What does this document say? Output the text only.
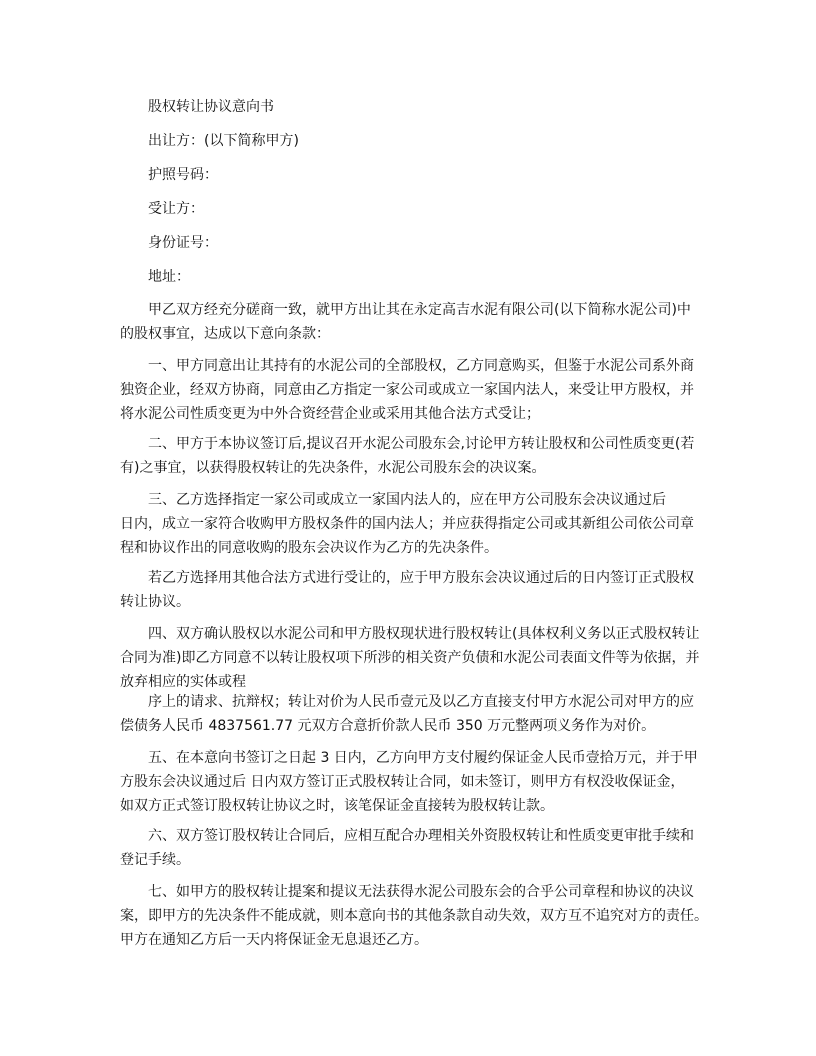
股权转让协议意向书
出让方：(以下简称甲方)
护照号码：
受让方：
身份证号：
地址：
甲乙双方经充分磋商一致，就甲方出让其在永定高吉水泥有限公司(以下简称水泥公司)中
的股权事宜，达成以下意向条款：
一、甲方同意出让其持有的水泥公司的全部股权，乙方同意购买，但鉴于水泥公司系外商
独资企业，经双方协商，同意由乙方指定一家公司或成立一家国内法人，来受让甲方股权，并
将水泥公司性质变更为中外合资经营企业或采用其他合法方式受让；
二、甲方于本协议签订后,提议召开水泥公司股东会,讨论甲方转让股权和公司性质变更(若
有)之事宜，以获得股权转让的先决条件，水泥公司股东会的决议案。
三、乙方选择指定一家公司或成立一家国内法人的，应在甲方公司股东会决议通过后
日内，成立一家符合收购甲方股权条件的国内法人；并应获得指定公司或其新组公司依公司章
程和协议作出的同意收购的股东会决议作为乙方的先决条件。
若乙方选择用其他合法方式进行受让的，应于甲方股东会决议通过后的日内签订正式股权
转让协议。
四、双方确认股权以水泥公司和甲方股权现状进行股权转让(具体权利义务以正式股权转让
合同为准)即乙方同意不以转让股权项下所涉的相关资产负债和水泥公司表面文件等为依据，并
放弃相应的实体或程
序上的请求、抗辩权；转让对价为人民币壹元及以乙方直接支付甲方水泥公司对甲方的应
偿债务人民币 4837561.77 元双方合意折价款人民币 350 万元整两项义务作为对价。
五、在本意向书签订之日起 3 日内，乙方向甲方支付履约保证金人民币壹拾万元，并于甲
方股东会决议通过后 日内双方签订正式股权转让合同，如未签订，则甲方有权没收保证金，
如双方正式签订股权转让协议之时，该笔保证金直接转为股权转让款。
六、双方签订股权转让合同后，应相互配合办理相关外资股权转让和性质变更审批手续和
登记手续。
七、如甲方的股权转让提案和提议无法获得水泥公司股东会的合乎公司章程和协议的决议
案，即甲方的先决条件不能成就，则本意向书的其他条款自动失效，双方互不追究对方的责任。
甲方在通知乙方后一天内将保证金无息退还乙方。
